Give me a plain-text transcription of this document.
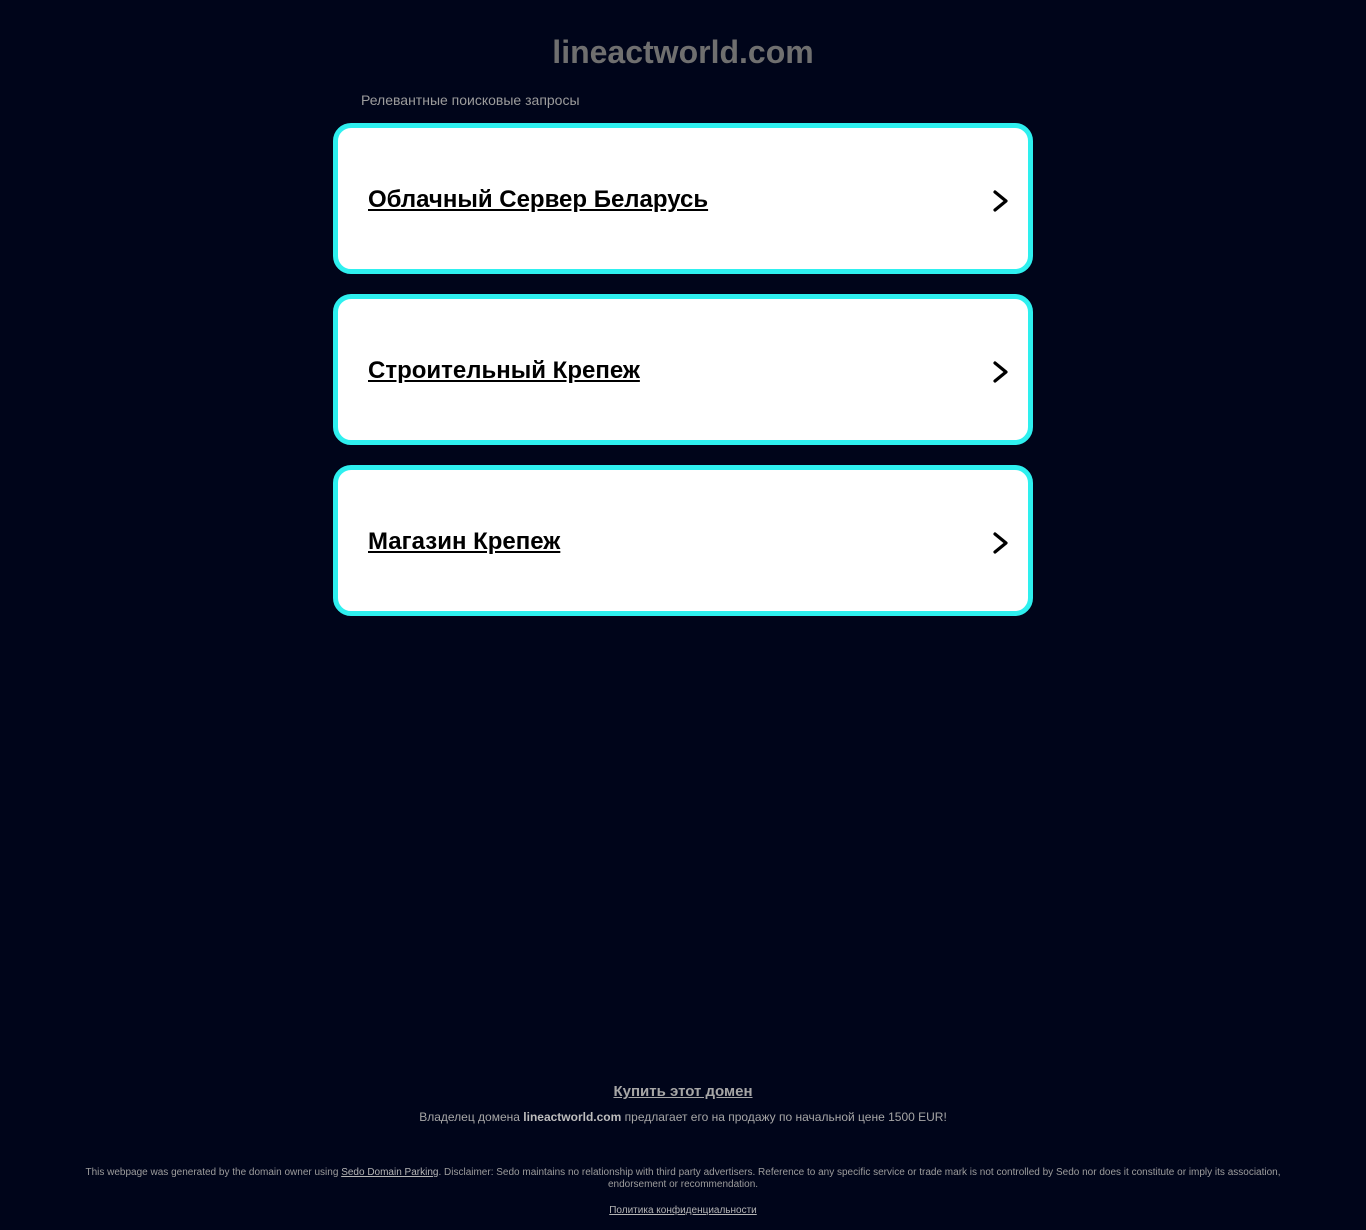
lineactworld.com
Релевантные поисковые запросы
Облачный Сервер Беларусь
Строительный Крепеж
Магазин Крепеж
Купить этот домен
Владелец домена lineactworld.com предлагает его на продажу по начальной цене 1500 EUR!
This webpage was generated by the domain owner using Sedo Domain Parking. Disclaimer: Sedo maintains no relationship with third party advertisers. Reference to any specific service or trade mark is not controlled by Sedo nor does it constitute or imply its association, endorsement or recommendation.
Политика конфиденциальности
